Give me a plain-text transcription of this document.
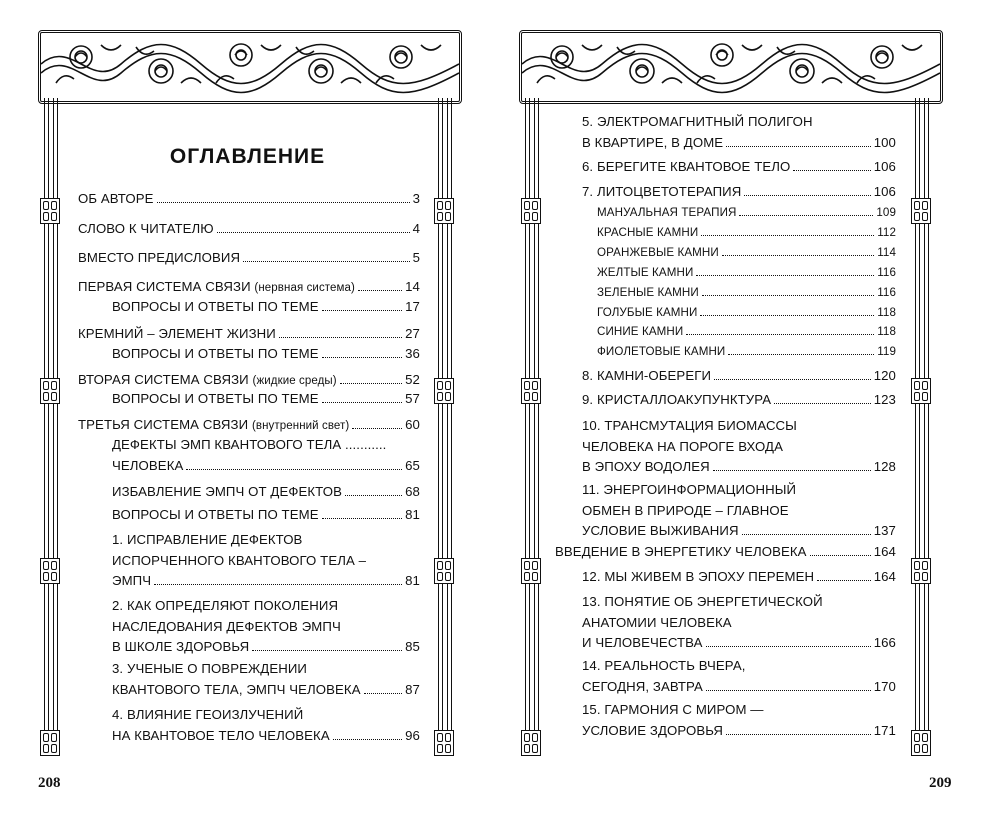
ОГЛАВЛЕНИЕ
ОБ АВТОРЕ	3
СЛОВО К ЧИТАТЕЛЮ	4
ВМЕСТО ПРЕДИСЛОВИЯ	5
ПЕРВАЯ СИСТЕМА СВЯЗИ (нервная система)	14
ВОПРОСЫ И ОТВЕТЫ ПО ТЕМЕ	17
КРЕМНИЙ – ЭЛЕМЕНТ ЖИЗНИ	27
ВОПРОСЫ И ОТВЕТЫ ПО ТЕМЕ	36
ВТОРАЯ СИСТЕМА СВЯЗИ (жидкие среды)	52
ВОПРОСЫ И ОТВЕТЫ ПО ТЕМЕ	57
ТРЕТЬЯ СИСТЕМА СВЯЗИ (внутренний свет)	60
ДЕФЕКТЫ ЭМП КВАНТОВОГО ТЕЛА ...........
ЧЕЛОВЕКА	65
ИЗБАВЛЕНИЕ ЭМПЧ ОТ ДЕФЕКТОВ	68
ВОПРОСЫ И ОТВЕТЫ ПО ТЕМЕ	81
1. ИСПРАВЛЕНИЕ ДЕФЕКТОВ
ИСПОРЧЕННОГО КВАНТОВОГО ТЕЛА –
ЭМПЧ	81
2. КАК ОПРЕДЕЛЯЮТ ПОКОЛЕНИЯ
НАСЛЕДОВАНИЯ ДЕФЕКТОВ ЭМПЧ
В ШКОЛЕ ЗДОРОВЬЯ	85
3. УЧЕНЫЕ О ПОВРЕЖДЕНИИ
КВАНТОВОГО ТЕЛА, ЭМПЧ ЧЕЛОВЕКА	87
4. ВЛИЯНИЕ ГЕОИЗЛУЧЕНИЙ
НА КВАНТОВОЕ ТЕЛО ЧЕЛОВЕКА	96
208
5. ЭЛЕКТРОМАГНИТНЫЙ ПОЛИГОН
В КВАРТИРЕ, В ДОМЕ	100
6. БЕРЕГИТЕ КВАНТОВОЕ ТЕЛО	106
7. ЛИТОЦВЕТОТЕРАПИЯ	106
МАНУАЛЬНАЯ ТЕРАПИЯ	109
КРАСНЫЕ КАМНИ	112
ОРАНЖЕВЫЕ КАМНИ	114
ЖЕЛТЫЕ КАМНИ	116
ЗЕЛЕНЫЕ КАМНИ	116
ГОЛУБЫЕ КАМНИ	118
СИНИЕ КАМНИ	118
ФИОЛЕТОВЫЕ КАМНИ	119
8. КАМНИ-ОБЕРЕГИ	120
9. КРИСТАЛЛОАКУПУНКТУРА	123
10. ТРАНСМУТАЦИЯ БИОМАССЫ
ЧЕЛОВЕКА НА ПОРОГЕ ВХОДА
В ЭПОХУ ВОДОЛЕЯ	128
11. ЭНЕРГОИНФОРМАЦИОННЫЙ
ОБМЕН В ПРИРОДЕ – ГЛАВНОЕ
УСЛОВИЕ ВЫЖИВАНИЯ	137
ВВЕДЕНИЕ В ЭНЕРГЕТИКУ ЧЕЛОВЕКА	164
12. МЫ ЖИВЕМ В ЭПОХУ ПЕРЕМЕН	164
13. ПОНЯТИЕ ОБ ЭНЕРГЕТИЧЕСКОЙ
АНАТОМИИ ЧЕЛОВЕКА
И ЧЕЛОВЕЧЕСТВА	166
14. РЕАЛЬНОСТЬ ВЧЕРА,
СЕГОДНЯ, ЗАВТРА	170
15. ГАРМОНИЯ С МИРОМ —
УСЛОВИЕ ЗДОРОВЬЯ	171
209
